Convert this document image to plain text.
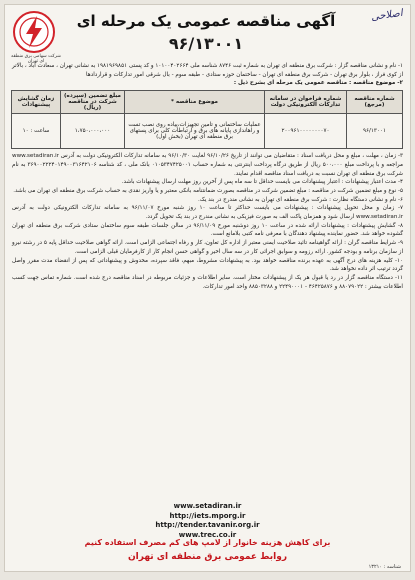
شرکت سهامی برق منطقه ای تهران
آگهی مناقصه عمومی یک مرحله ای
۹۶/۱۳۰۰۱
اصلاحی

۱- نام و نشانی مناقصه گزار : شرکت برق منطقه ای تهران به شماره ثبت ۸۷۴۶ شناسه ملی ۱۰۱۰۰۴۰۲۶۶۴ و کد پستی ۱۹۸۱۹۶۹۸۵۱ به نشانی تهران ، سعادت آباد ، بالاتر از کوی فراز ، بلوار برق تهران - شرکت برق منطقه ای تهران - ساختمان حوزه ستادی - طبقه سوم - بال شرقی امور تدارکات و قراردادها

۲- موضوع مناقصه : مناقصه عمومی یک مرحله ای بشرح ذیل :

شماره مناقصه (مرجع)	شماره فراخوان در سامانه تدارکات الکترونیکی دولت	موضوع مناقصه *	مبلغ تضمین (سپرده) شرکت در مناقصه (ریال)	زمان گشایش پیشنهادات
۹۶/۱۳۰۰۱	۲۰۰۹۶۱۰۰۰۰۰۰۰۰۷۰	عملیات ساختمانی و تامین تجهیزات،پیاده روی نصب تست و راهاندازی پایانه های برق و ارتباطات کلی برای پستهای برق منطقه ای تهران (بخش اول)	۱،۷۵۰،۰۰۰،۰۰۰	ساعت : ۱۰

۳- زمان ، مهلت ، مبلغ و محل دریافت اسناد : متقاضیان می توانند از تاریخ ۹۶/۱۰/۲۶ لغایت ۹۶/۱۰/۳۰ به سامانه تدارکات الکترونیکی دولت به آدرس www.setadiran.ir مراجعه و با پرداخت مبلغ ۵۰۰،۰۰۰ ریال از طریق درگاه پرداخت اینترنتی به شماره حساب ۰۱۰۵۳۴۷۴۲۵۰۰۱ بانک ملی ، کد شناسه ۳۶۹۰۰۲۲۲۴۰۱۴۹۰۰۳۱۶۴۲۱۰۶ به نام شرکت برق منطقه ای تهران نسبت به دریافت اسناد مناقصه اقدام نمایند.

۴- مدت اعتبار پیشنهادات : اعتبار پیشنهادات می بایست حداقل تا سه ماه پس از آخرین روز مهلت ارسال پیشنهادات باشد.

۵- نوع و مبلغ تضمین شرکت در مناقصه : مبلغ تضمین شرکت در مناقصه بصورت ضمانتنامه بانکی معتبر و یا واریز نقدی به حساب شرکت برق منطقه ای تهران می باشد.

۶- نام و نشانی دستگاه نظارت : شرکت برق منطقه ای تهران به نشانی مندرج در بند یک.

۷- زمان و محل تحویل پیشنهادات : پیشنهادات می بایست حداکثر تا ساعت ۱۰ روز شنبه مورخ ۹۶/۱۱/۰۷ به سامانه تدارکات الکترونیکی دولت به آدرس www.setadiran.ir ارسال شود و همزمان پاکت الف به صورت فیزیکی به نشانی مندرج در بند یک تحویل گردد.

۸- گشایش پیشنهادات : پیشنهادات ارائه شده در ساعت ۱۰ روز دوشنبه مورخ ۹۶/۱۱/۰۹ در سالن جلسات طبقه سوم ساختمان ستادی شرکت برق منطقه ای تهران گشوده خواهد شد. حضور نماینده پیشنهاد دهندگان با معرفی نامه کتبی بلامانع است.

۹- شرایط مناقصه گران : ارائه گواهینامه تائید صلاحیت ایمنی معتبر از اداره کل تعاون، کار و رفاه اجتماعی الزامی است. ارائه گواهی صلاحیت حداقل پایه ۵ در رشته نیرو از سازمان برنامه و بودجه کشور. ارائه رزومه و سوابق اجرائی کار در سه سال اخیر و گواهی حسن انجام کار از کارفرمایان قبلی الزامی است.

۱۰- کلیه هزینه های درج آگهی به عهده برنده مناقصه خواهد بود. به پیشنهادات مشروط، مبهم، فاقد سپرده، مخدوش و پیشنهاداتی که پس از انقضاء مدت مقرر واصل گردد ترتیب اثر داده نخواهد شد.

۱۱- دستگاه مناقصه گزار در رد یا قبول هر یک از پیشنهادات مختار است. سایر اطلاعات و جزئیات مربوطه در اسناد مناقصه درج شده است. شماره تماس جهت کسب اطلاعات بیشتر : ۸۸۰۷۹۰۲۲ و ۴۶۴۲۵۸۷۶ - ۲۲۴۹۰۰۰۱ و ۸۸۵۰۳۲۸۸ واحد امور تدارکات.

www.setadiran.ir
http://iets.mporg.ir
http://tender.tavanir.org.ir
www.trec.co.ir
برای کاهش هزینه خانوار از لامپ های کم مصرف استفاده کنیم
روابط عمومی برق منطقه ای تهران
شناسه : ۱۳۲۱۰
